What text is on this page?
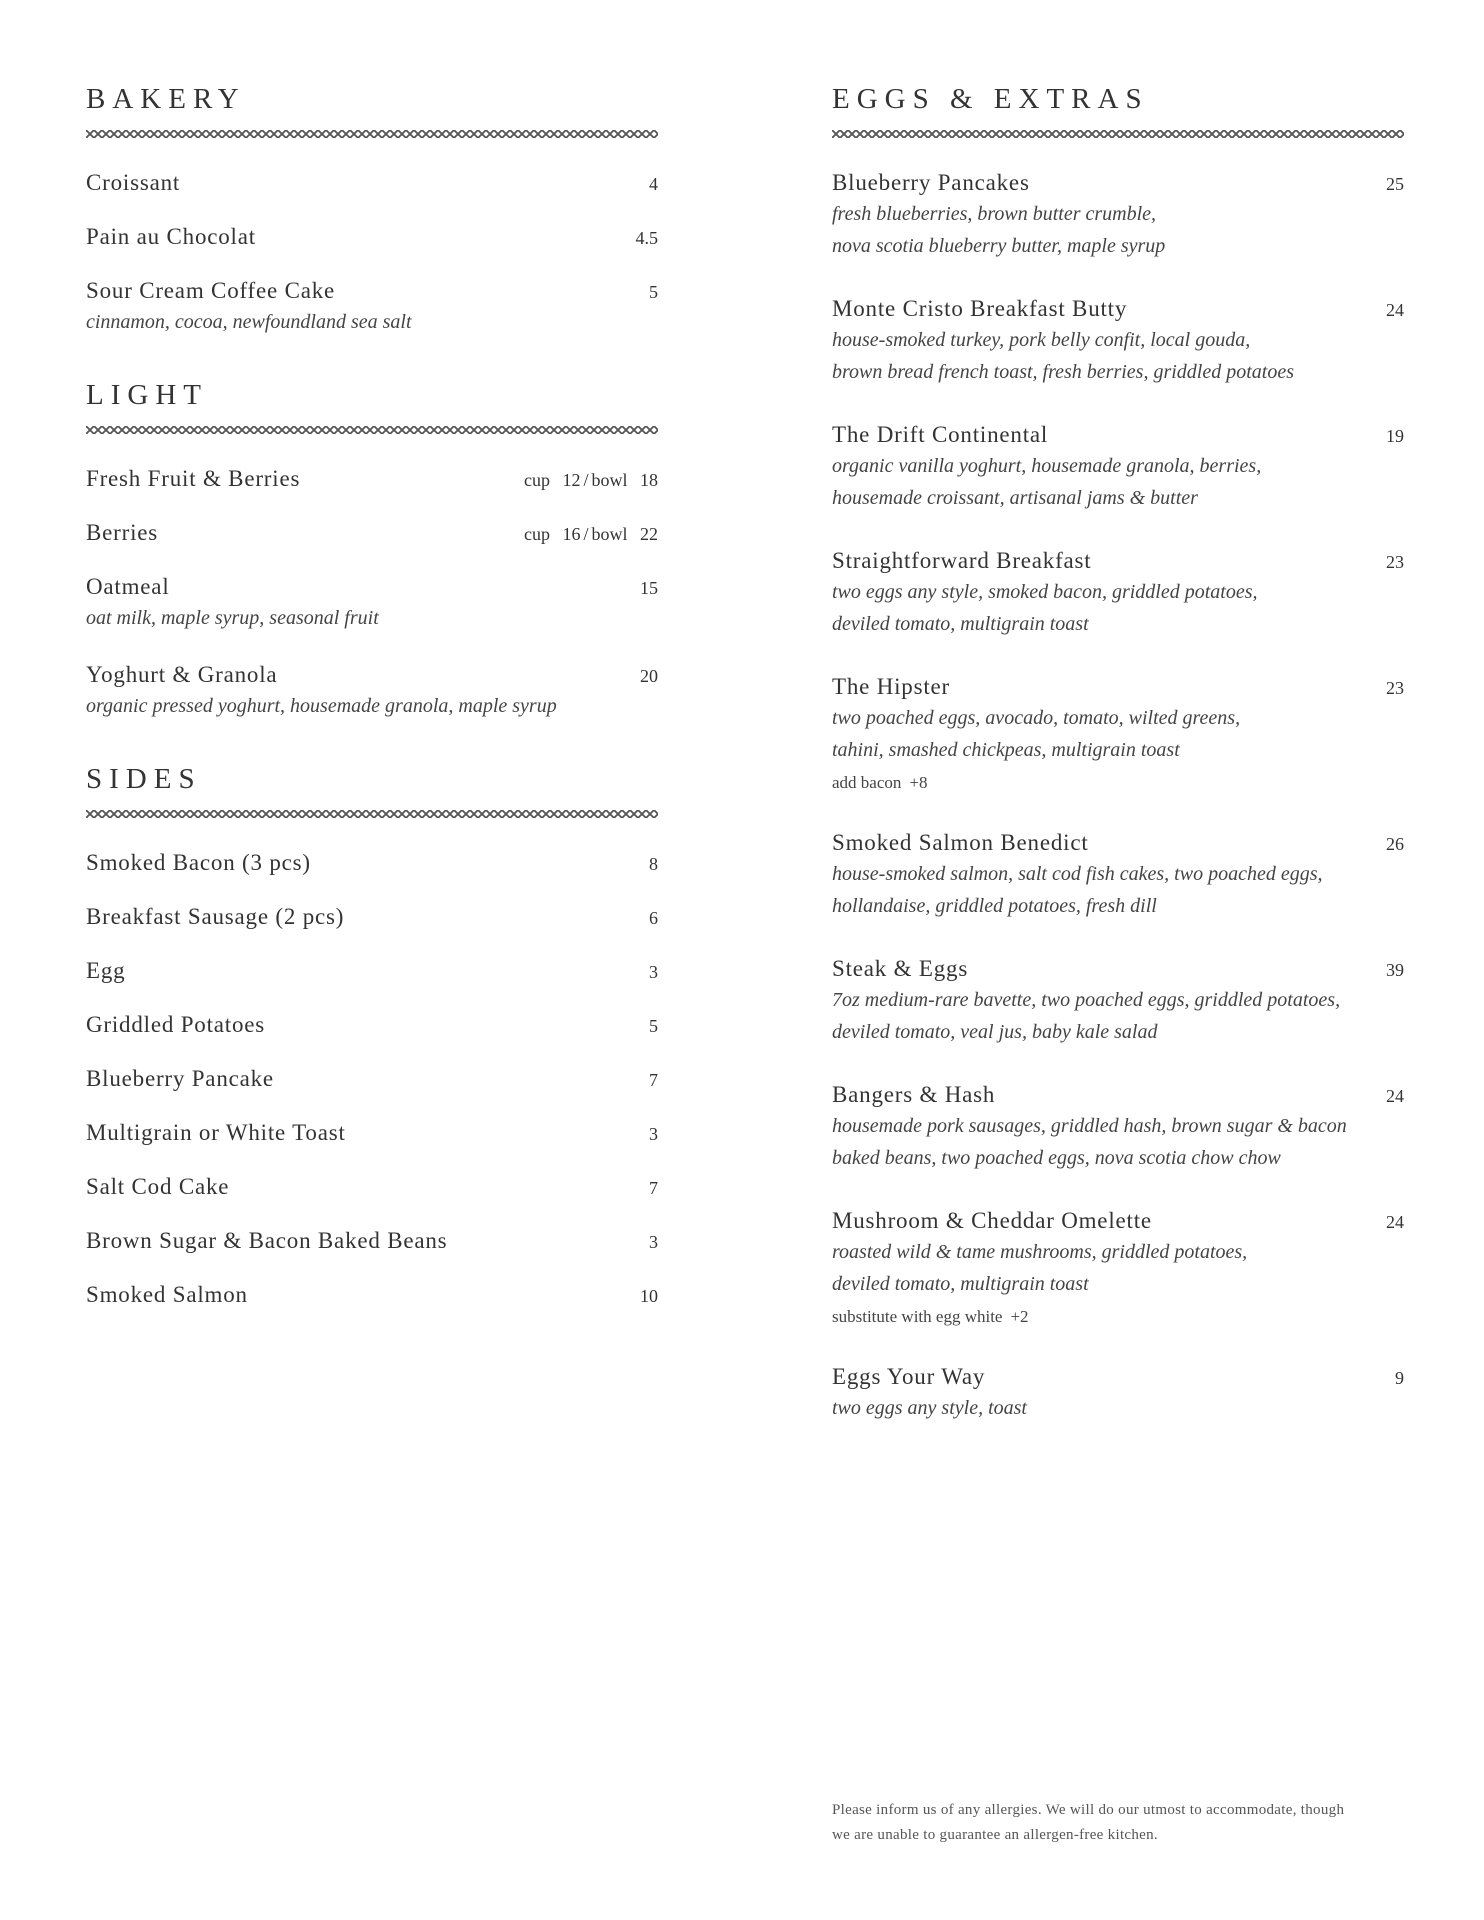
BAKERY
Croissant	4
Pain au Chocolat	4.5
Sour Cream Coffee Cake	5
cinnamon, cocoa, newfoundland sea salt
LIGHT
Fresh Fruit & Berries	cup 12 / bowl 18
Berries	cup 16 / bowl 22
Oatmeal	15
oat milk, maple syrup, seasonal fruit
Yoghurt & Granola	20
organic pressed yoghurt, housemade granola, maple syrup
SIDES
Smoked Bacon (3 pcs)	8
Breakfast Sausage (2 pcs)	6
Egg	3
Griddled Potatoes	5
Blueberry Pancake	7
Multigrain or White Toast	3
Salt Cod Cake	7
Brown Sugar & Bacon Baked Beans	3
Smoked Salmon	10
EGGS & EXTRAS
Blueberry Pancakes	25
fresh blueberries, brown butter crumble,
nova scotia blueberry butter, maple syrup
Monte Cristo Breakfast Butty	24
house-smoked turkey, pork belly confit, local gouda,
brown bread french toast, fresh berries, griddled potatoes
The Drift Continental	19
organic vanilla yoghurt, housemade granola, berries,
housemade croissant, artisanal jams & butter
Straightforward Breakfast	23
two eggs any style, smoked bacon, griddled potatoes,
deviled tomato, multigrain toast
The Hipster	23
two poached eggs, avocado, tomato, wilted greens,
tahini, smashed chickpeas, multigrain toast
add bacon +8
Smoked Salmon Benedict	26
house-smoked salmon, salt cod fish cakes, two poached eggs,
hollandaise, griddled potatoes, fresh dill
Steak & Eggs	39
7oz medium-rare bavette, two poached eggs, griddled potatoes,
deviled tomato, veal jus, baby kale salad
Bangers & Hash	24
housemade pork sausages, griddled hash, brown sugar & bacon
baked beans, two poached eggs, nova scotia chow chow
Mushroom & Cheddar Omelette	24
roasted wild & tame mushrooms, griddled potatoes,
deviled tomato, multigrain toast
substitute with egg white +2
Eggs Your Way	9
two eggs any style, toast
Please inform us of any allergies. We will do our utmost to accommodate, though
we are unable to guarantee an allergen-free kitchen.
